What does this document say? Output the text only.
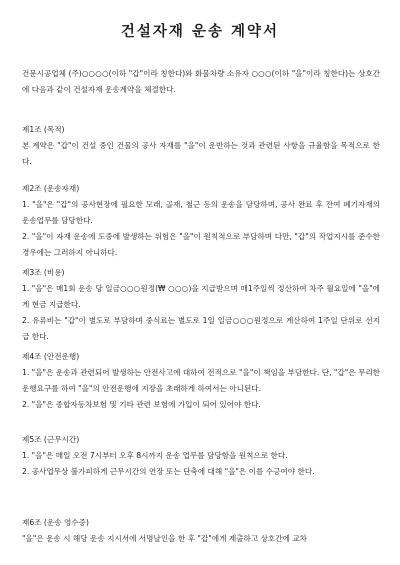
건설자재 운송 계약서

건문시공업체 (주)○○○○(이하 "갑"이라 칭한다)와 화물차량 소유자 ○○○(이하 "을"이라 칭한다)는 상호간에 다음과 같이 건설자재 운송계약을 체결한다.

제1조 (목적)

본 계약은 "갑"이 건설 중인 건물의 공사 자재를 "을"이 운반하는 것과 관련된 사항을 규율함을 목적으로 한다.

제2조 (운송자재)

1. "을"은 "갑"의 공사현장에 필요한 모래, 골재, 철근 등의 운송을 담당하며, 공사 완료 후 잔여 폐기자재의 운송업무를 담당한다.

2. "을"이 자재 운송에 도중에 발생하는 위험은 "을"이 원칙적으로 부담하며 다만, "갑"의 작업지시를 준수한 경우에는 그러하지 아니하다.

제3조 (비용)

1. "을"은 매1회 운송 당 일금○○○원정(₩ ○○○)을 지급받으며 매1주일씩 정산하여 차주 월요일에 "을"에게 현금 지급한다.

2. 유류비는 "갑"이 별도로 부담하며 중식료는 별도로 1일 일금○○○원정으로 계산하여 1주일 단위로 선지급 한다.

제4조 (안전운행)

1. "을"은 운송과 관련되어 발생하는 안전사고에 대하여 전적으로 "을"이 책임을 부담한다. 단, "갑"은 무리한 운행요구를 하여 "을"의 안전운행에 지장을 초래하게 하여서는 아니된다.

2. "을"은 종합자동차보험 및 기타 관련 보험에 가입이 되어 있어야 한다.

제5조 (근무시간)

1. "을"은 매일 오전 7시부터 오후 8시까지 운송 업무를 담당함을 원칙으로 한다.

2. 공사업무상 불가피하게 근무시간의 연장 또는 단축에 대해 "을"은 이를 수긍여야 한다.

제6조 (운송 영수증)

"을"은 운송 시 해당 운송 지시서에 서명날인을 한 후 "갑"에게 제출하고 상호간에 교차
